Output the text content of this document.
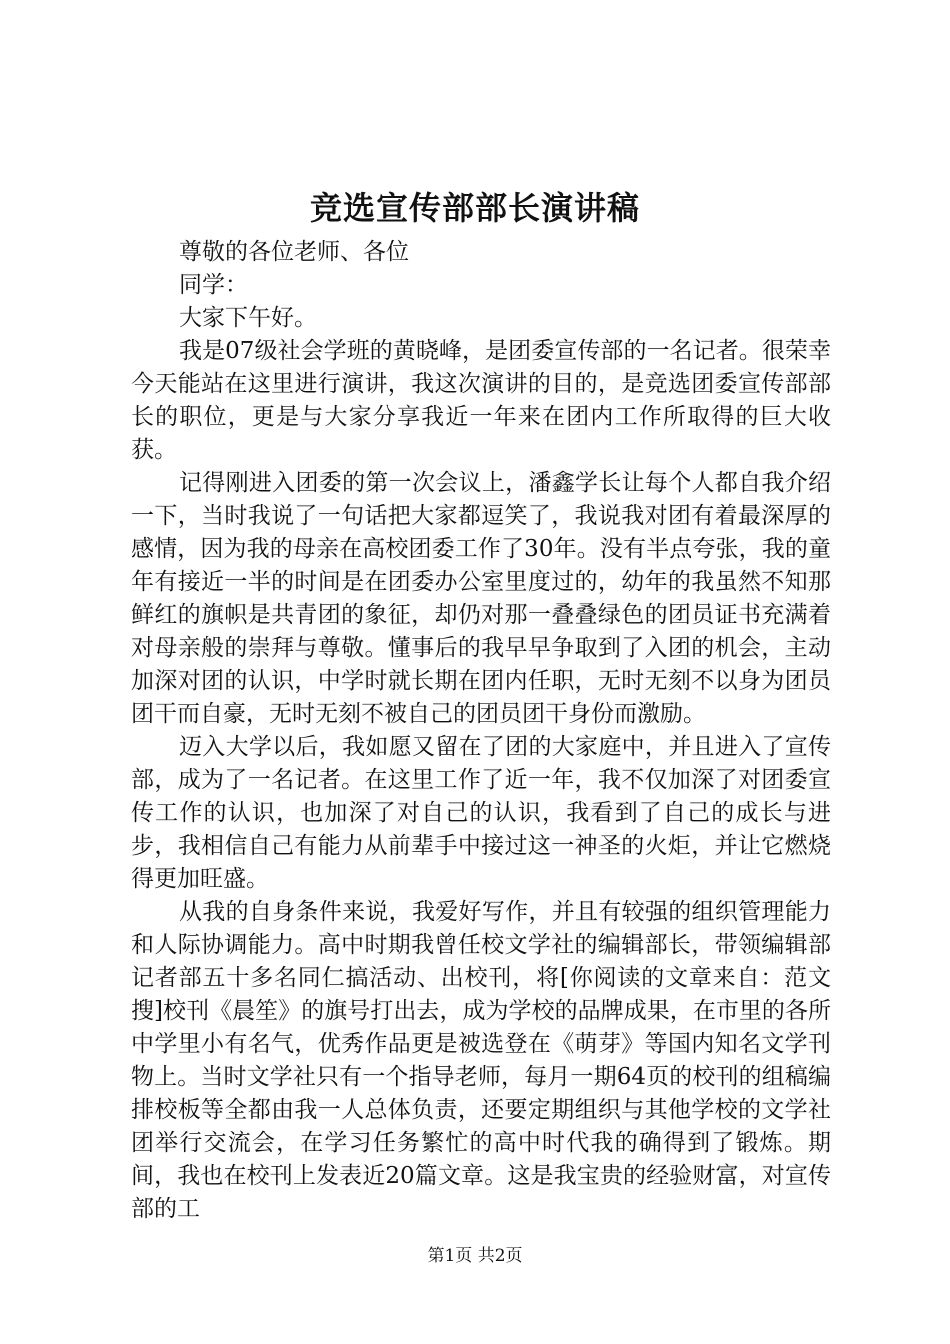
竞选宣传部部长演讲稿

尊敬的各位老师、各位

同学：

大家下午好。

我是07级社会学班的黄晓峰，是团委宣传部的一名记者。很荣幸今天能站在这里进行演讲，我这次演讲的目的，是竞选团委宣传部部长的职位，更是与大家分享我近一年来在团内工作所取得的巨大收获。

记得刚进入团委的第一次会议上，潘鑫学长让每个人都自我介绍一下，当时我说了一句话把大家都逗笑了，我说我对团有着最深厚的感情，因为我的母亲在高校团委工作了30年。没有半点夸张，我的童年有接近一半的时间是在团委办公室里度过的，幼年的我虽然不知那鲜红的旗帜是共青团的象征，却仍对那一叠叠绿色的团员证书充满着对母亲般的崇拜与尊敬。懂事后的我早早争取到了入团的机会，主动加深对团的认识，中学时就长期在团内任职，无时无刻不以身为团员团干而自豪，无时无刻不被自己的团员团干身份而激励。

迈入大学以后，我如愿又留在了团的大家庭中，并且进入了宣传部，成为了一名记者。在这里工作了近一年，我不仅加深了对团委宣传工作的认识，也加深了对自己的认识，我看到了自己的成长与进步，我相信自己有能力从前辈手中接过这一神圣的火炬，并让它燃烧得更加旺盛。

从我的自身条件来说，我爱好写作，并且有较强的组织管理能力和人际协调能力。高中时期我曾任校文学社的编辑部长，带领编辑部记者部五十多名同仁搞活动、出校刊，将[你阅读的文章来自：范文搜]校刊《晨笙》的旗号打出去，成为学校的品牌成果，在市里的各所中学里小有名气，优秀作品更是被选登在《萌芽》等国内知名文学刊物上。当时文学社只有一个指导老师，每月一期64页的校刊的组稿编排校板等全都由我一人总体负责，还要定期组织与其他学校的文学社团举行交流会，在学习任务繁忙的高中时代我的确得到了锻炼。期间，我也在校刊上发表近20篇文章。这是我宝贵的经验财富，对宣传部的工

第1页 共2页
